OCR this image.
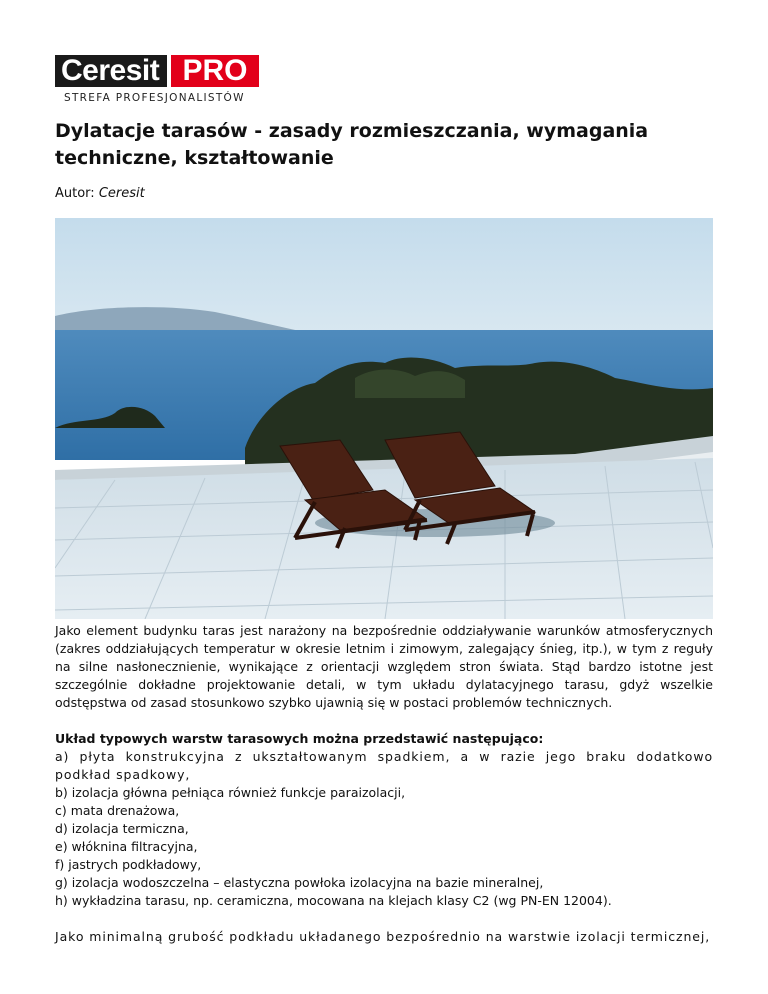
Ceresit PRO
STREFA PROFESJONALISTÓW
Dylatacje tarasów - zasady rozmieszczania, wymagania techniczne, kształtowanie
Autor: Ceresit

Jako element budynku taras jest narażony na bezpośrednie oddziaływanie warunków atmosferycznych (zakres oddziałujących temperatur w okresie letnim i zimowym, zalegający śnieg, itp.), w tym z reguły na silne nasłonecznienie, wynikające z orientacji względem stron świata. Stąd bardzo istotne jest szczególnie dokładne projektowanie detali, w tym układu dylatacyjnego tarasu, gdyż wszelkie odstępstwa od zasad stosunkowo szybko ujawnią się w postaci problemów technicznych.

Układ typowych warstw tarasowych można przedstawić następująco:

a) płyta konstrukcyjna z ukształtowanym spadkiem, a w razie jego braku dodatkowo podkład spadkowy,

b) izolacja główna pełniąca również funkcje paraizolacji,

c) mata drenażowa,

d) izolacja termiczna,

e) włóknina filtracyjna,

f) jastrych podkładowy,

g) izolacja wodoszczelna – elastyczna powłoka izolacyjna na bazie mineralnej,

h) wykładzina tarasu, np. ceramiczna, mocowana na klejach klasy C2 (wg PN-EN 12004).

Jako minimalną grubość podkładu układanego bezpośrednio na warstwie izolacji termicznej,
